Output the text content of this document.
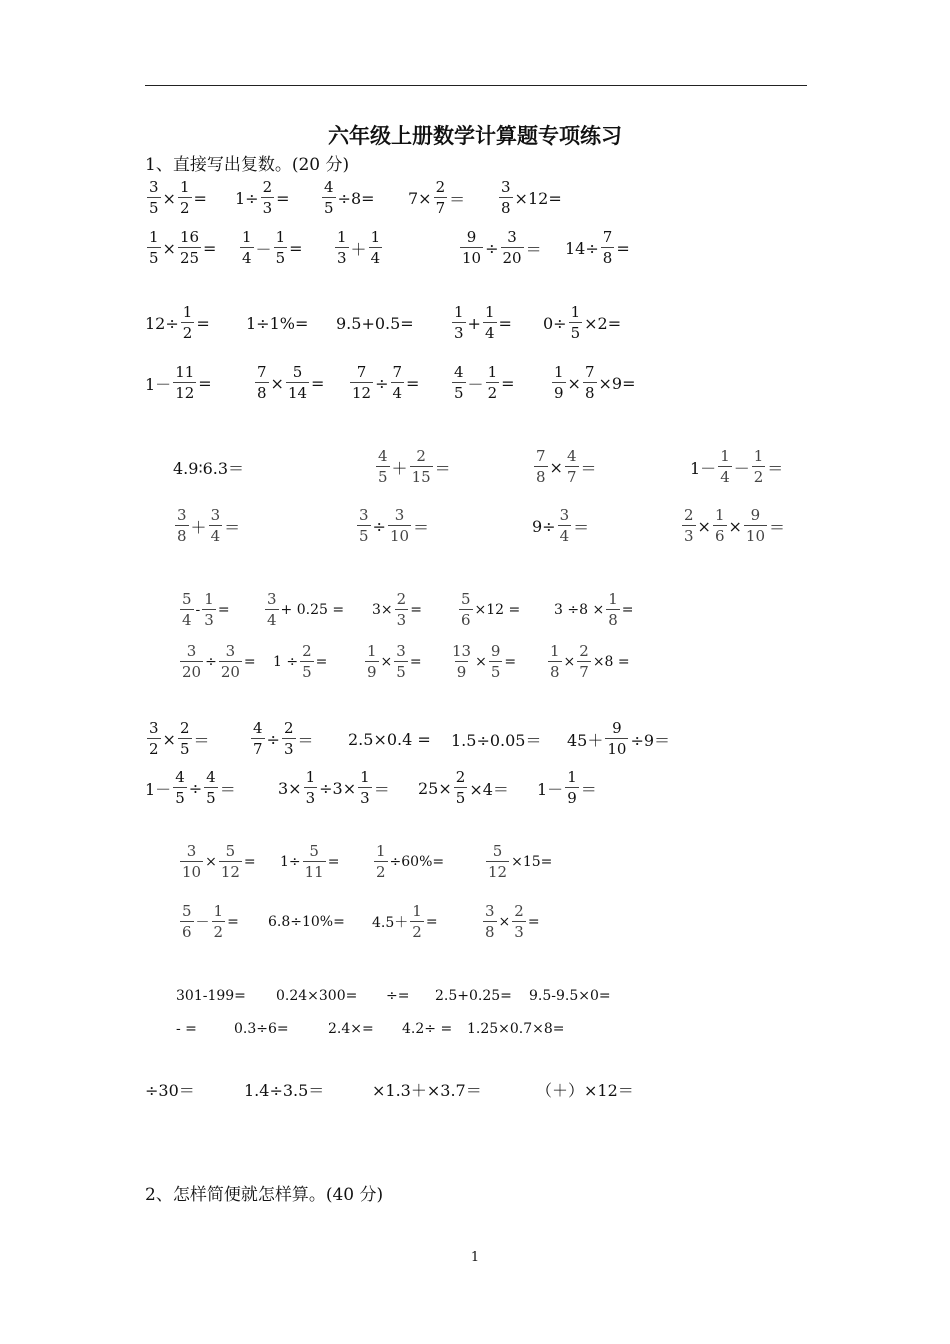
六年级上册数学计算题专项练习
1、直接写出复数。(20 分)
$\frac{3}{5} \times \frac{1}{2} = 1\div \frac{2}{3} = \frac{4}{5} \div 8= 7\times \frac{2}{7} = \frac{3}{8} \times 12=$
$\frac{1}{5} \times \frac{16}{25} = \frac{1}{4} - \frac{1}{5} = \frac{1}{3} + \frac{1}{4}$	$\frac{9}{10} \div \frac{3}{20} = 14\div \frac{7}{8}$ =
$12\div \frac{1}{2} = 1\div 1\%= 9.5+0.5=$	$\frac{1}{3} + \frac{1}{4} = 0\div \frac{1}{5} \times 2=$
$1- \frac{11}{12}$ =	$\frac{7}{8} \times \frac{5}{14} = \frac{7}{12} \div \frac{7}{4} = \frac{4}{5} - \frac{1}{2} = \frac{1}{9} \times \frac{7}{8} \times 9=$
4.9∶6.3＝	$\frac{4}{5} + \frac{2}{15}$ ＝	$\frac{7}{8} \times \frac{4}{7}$ ＝	$1- \frac{1}{4} - \frac{1}{2}$ ＝
$\frac{3}{8} + \frac{3}{4}$ ＝	$\frac{3}{5} \div \frac{3}{10}$ ＝	$9\div \frac{3}{4}$ ＝	$\frac{2}{3} \times \frac{1}{6} \times \frac{9}{10}$ ＝
$\frac{5}{4} - \frac{1}{3} = \frac{3}{4} + 0.25 = 3\times \frac{2}{3} = \frac{5}{6} \times 12 = 3 \div 8 \times \frac{1}{8}$ =
$\frac{3}{20} \div \frac{3}{20} = 1 \div \frac{2}{5}$ =	$\frac{1}{9} \times \frac{3}{5} = \frac{13}{9} \times \frac{9}{5} = \frac{1}{8} \times \frac{2}{7} \times 8$ =
$\frac{3}{2} \times \frac{2}{5}$ ＝	$\frac{4}{7} \div \frac{2}{3} = 2.5\times 0.4 = 1.5\div 0.05= 45+ \frac{9}{10} \div 9=$
$1- \frac{4}{5} \div \frac{4}{5}$ ＝	$3\times \frac{1}{3} \div 3\times \frac{1}{3} = 25\times \frac{2}{5} \times 4= 1- \frac{1}{9}$ ＝
$\frac{3}{10} \times \frac{5}{12} = 1\div \frac{5}{11} = \frac{1}{2} \div 60\%=$	$\frac{5}{12} \times 15=$
$\frac{5}{6} - \frac{1}{2} = 6.8\div 10\%= 4.5+ \frac{1}{2}$ =	$\frac{3}{8} \times \frac{2}{3}$ =
301-199= 0.24×300= ÷= 2.5+0.25= 9.5-9.5×0=
- =	0.3÷6=	2.4×= 4.2÷ = 1.25×0.7×8=
÷30＝	1.4÷3.5＝	×1.3＋×3.7＝	（＋）×12＝
2、怎样简便就怎样算。(40 分)
1
